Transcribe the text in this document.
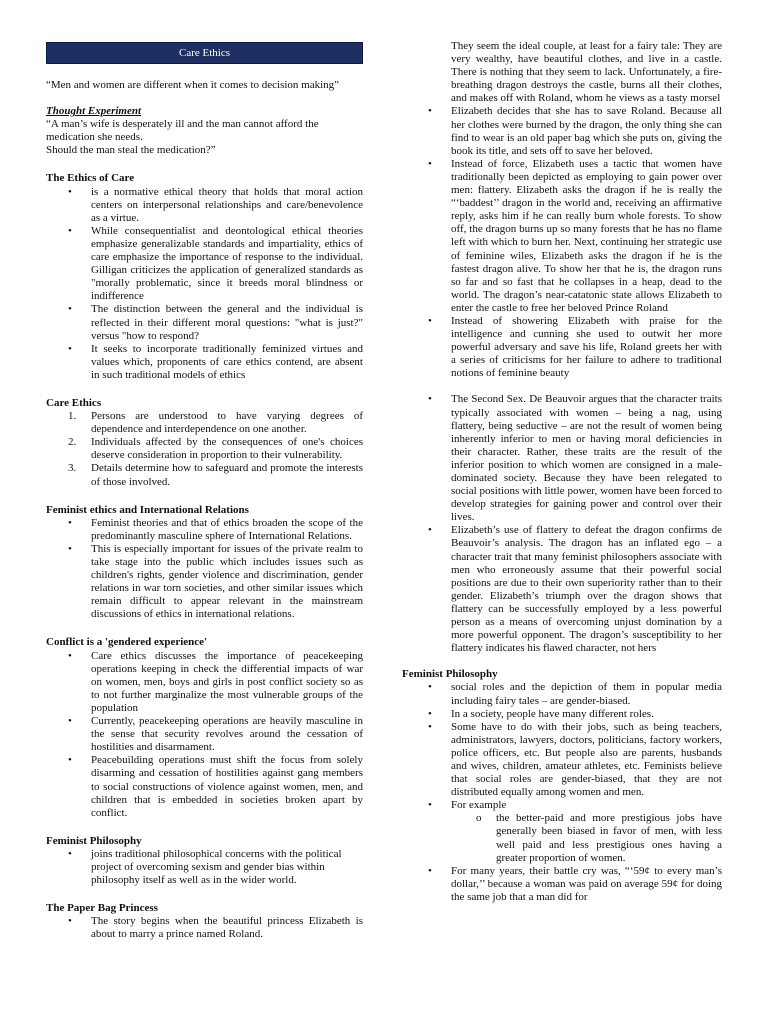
Care Ethics

“Men and women are different when it comes to decision making”

Thought Experiment

“A man’s wife is desperately ill and the man cannot afford the medication she needs.

Should the man steal the medication?”

The Ethics of Care
• is a normative ethical theory that holds that moral action centers on interpersonal relationships and care/benevolence as a virtue.
• While consequentialist and deontological ethical theories emphasize generalizable standards and impartiality, ethics of care emphasize the importance of response to the individual. Gilligan criticizes the application of generalized standards as "morally problematic, since it breeds moral blindness or indifference
• The distinction between the general and the individual is reflected in their different moral questions: "what is just?" versus "how to respond?
• It seeks to incorporate traditionally feminized virtues and values which, proponents of care ethics contend, are absent in such traditional models of ethics
Care Ethics
1. Persons are understood to have varying degrees of dependence and interdependence on one another.
2. Individuals affected by the consequences of one's choices deserve consideration in proportion to their vulnerability.
3. Details determine how to safeguard and promote the interests of those involved.
Feminist ethics and International Relations
• Feminist theories and that of ethics broaden the scope of the predominantly masculine sphere of International Relations.
• This is especially important for issues of the private realm to take stage into the public which includes issues such as children's rights, gender violence and discrimination, gender relations in war torn societies, and other similar issues which remain difficult to appear relevant in the mainstream discussions of ethics in international relations.
Conflict is a 'gendered experience'
• Care ethics discusses the importance of peacekeeping operations keeping in check the differential impacts of war on women, men, boys and girls in post conflict society so as to not further marginalize the most vulnerable groups of the population
• Currently, peacekeeping operations are heavily masculine in the sense that security revolves around the cessation of hostilities and disarmament.
• Peacebuilding operations must shift the focus from solely disarming and cessation of hostilities against gang members to social constructions of violence against women, men, and children that is embedded in societies broken apart by conflict.
Feminist Philosophy
• joins traditional philosophical concerns with the political project of overcoming sexism and gender bias within philosophy itself as well as in the wider world.
The Paper Bag Princess
• The story begins when the beautiful princess Elizabeth is about to marry a prince named Roland.

They seem the ideal couple, at least for a fairy tale: They are very wealthy, have beautiful clothes, and live in a castle. There is nothing that they seem to lack. Unfortunately, a fire-breathing dragon destroys the castle, burns all their clothes, and makes off with Roland, whom he views as a tasty morsel

• Elizabeth decides that she has to save Roland. Because all her clothes were burned by the dragon, the only thing she can find to wear is an old paper bag which she puts on, giving the book its title, and sets off to save her beloved.
• Instead of force, Elizabeth uses a tactic that women have traditionally been depicted as employing to gain power over men: flattery. Elizabeth asks the dragon if he is really the “‘baddest’’ dragon in the world and, receiving an affirmative reply, asks him if he can really burn whole forests. To show off, the dragon burns up so many forests that he has no flame left with which to burn her. Next, continuing her strategic use of feminine wiles, Elizabeth asks the dragon if he is the fastest dragon alive. To show her that he is, the dragon runs so far and so fast that he collapses in a heap, dead to the world. The dragon’s near-catatonic state allows Elizabeth to enter the castle to free her beloved Prince Roland
• Instead of showering Elizabeth with praise for the intelligence and cunning she used to outwit her more powerful adversary and save his life, Roland greets her with a series of criticisms for her failure to adhere to traditional notions of feminine beauty
• The Second Sex. De Beauvoir argues that the character traits typically associated with women – being a nag, using flattery, being seductive – are not the result of women being inherently inferior to men or having moral deficiencies in their character. Rather, these traits are the result of the inferior position to which women are consigned in a male-dominated society. Because they have been relegated to social positions with little power, women have been forced to develop strategies for gaining power and control over their lives.
• Elizabeth’s use of flattery to defeat the dragon confirms de Beauvoir’s analysis. The dragon has an inflated ego – a character trait that many feminist philosophers associate with men who erroneously assume that their powerful social positions are due to their own superiority rather than to their gender. Elizabeth’s triumph over the dragon shows that flattery can be successfully employed by a less powerful person as a means of overcoming unjust domination by a more powerful opponent. The dragon’s susceptibility to her flattery indicates his flawed character, not hers
Feminist Philosophy
• social roles and the depiction of them in popular media including fairy tales – are gender-biased.
• In a society, people have many different roles.
• Some have to do with their jobs, such as being teachers, administrators, lawyers, doctors, politicians, factory workers, police officers, etc. But people also are parents, husbands and wives, children, amateur athletes, etc. Feminists believe that social roles are gender-biased, that they are not distributed equally among women and men.
• For example
o the better-paid and more prestigious jobs have generally been biased in favor of men, with less well paid and less prestigious ones having a greater proportion of women.
• For many years, their battle cry was, “‘59¢ to every man’s dollar,’’ because a woman was paid on average 59¢ for doing the same job that a man did for
